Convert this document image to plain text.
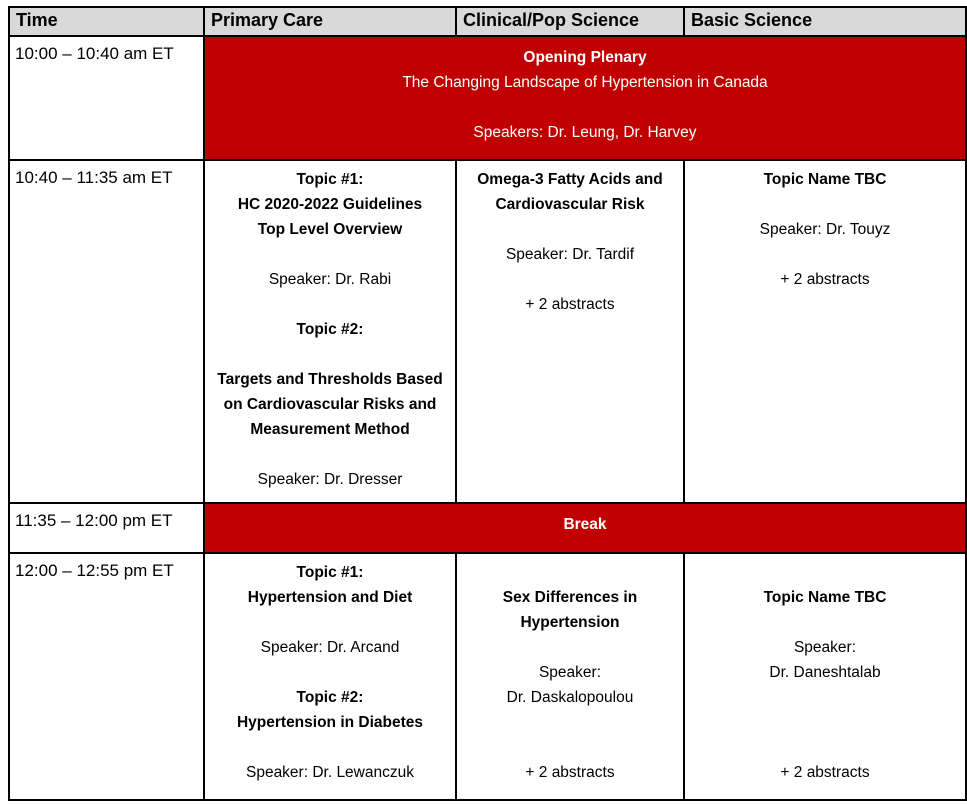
Time	Primary Care	Clinical/Pop Science	Basic Science
10:00 – 10:40 am ET	Opening Plenary
The Changing Landscape of Hypertension in Canada
Speakers: Dr. Leung, Dr. Harvey		

10:40 – 11:35 am ET	Topic #1:
HC 2020-2022 Guidelines
Top Level Overview
Speaker: Dr. Rabi
Topic #2:
Targets and Thresholds Based
on Cardiovascular Risks and
Measurement Method
Speaker: Dr. Dresser

Omega-3 Fatty Acids and
Cardiovascular Risk
Speaker: Dr. Tardif
+ 2 abstracts

Topic Name TBC
Speaker: Dr. Touyz
+ 2 abstracts

11:35 – 12:00 pm ET	Break		

12:00 – 12:55 pm ET	Topic #1:
Hypertension and Diet
Speaker: Dr. Arcand
Topic #2:
Hypertension in Diabetes
Speaker: Dr. Lewanczuk

Sex Differences in
Hypertension
Speaker:
Dr. Daskalopoulou
+ 2 abstracts

Topic Name TBC
Speaker:
Dr. Daneshtalab
+ 2 abstracts
